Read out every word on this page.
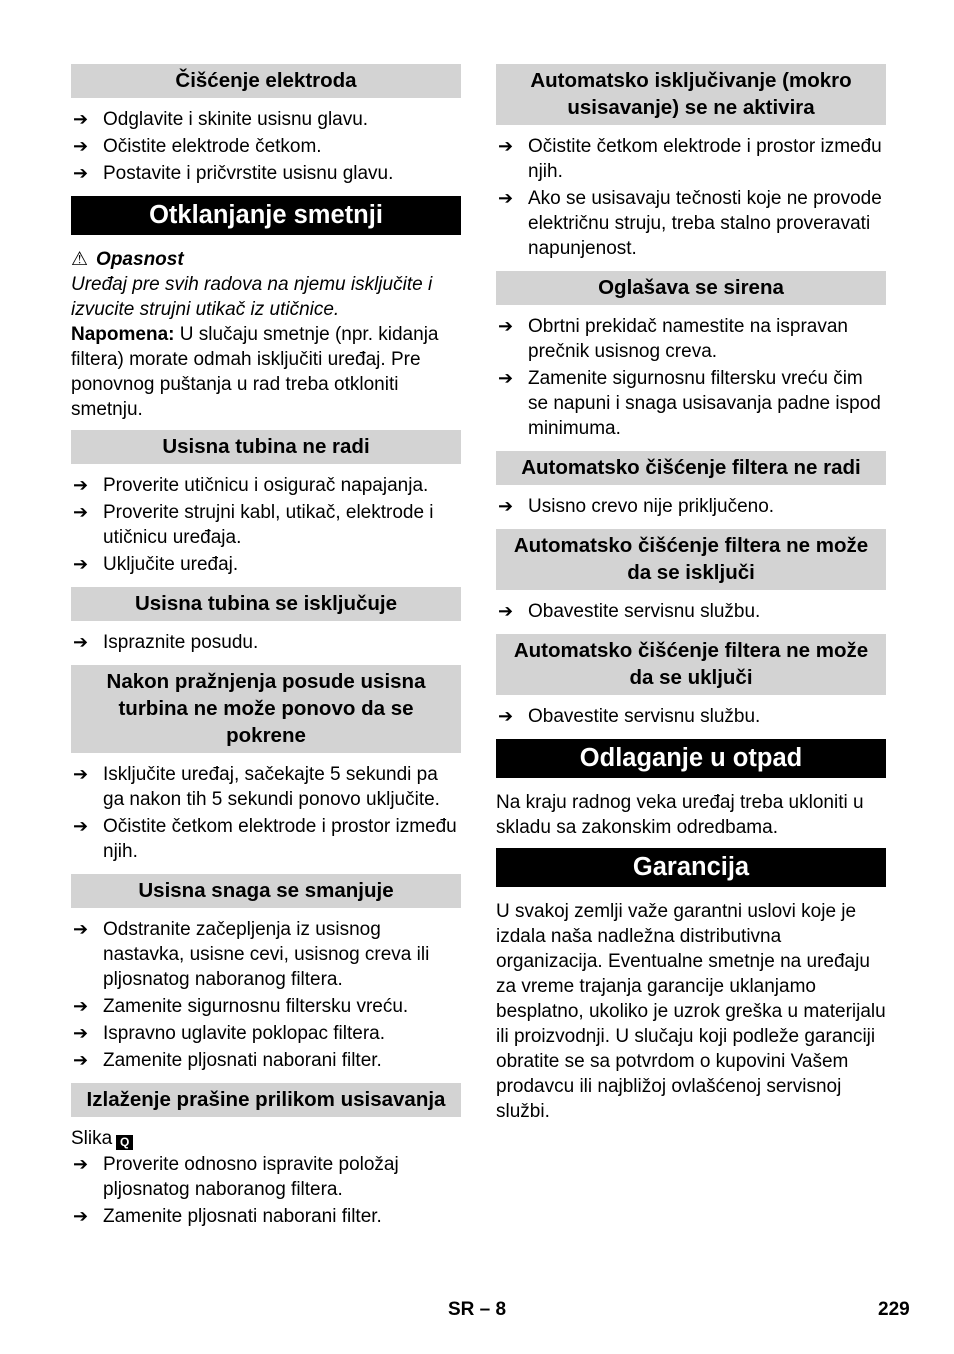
Čišćenje elektroda
➔ Odglavite i skinite usisnu glavu.
➔ Očistite elektrode četkom.
➔ Postavite i pričvrstite usisnu glavu.
Otklanjanje smetnji
⚠ Opasnost

Uređaj pre svih radova na njemu isključite i izvucite strujni utikač iz utičnice.

Napomena: U slučaju smetnje (npr. kidanja filtera) morate odmah isključiti uređaj. Pre ponovnog puštanja u rad treba otkloniti smetnju.

Usisna tubina ne radi
➔ Proverite utičnicu i osigurač napajanja.
➔ Proverite strujni kabl, utikač, elektrode i utičnicu uređaja.
➔ Uključite uređaj.
Usisna tubina se isključuje
➔ Ispraznite posudu.
Nakon pražnjenja posude usisna turbina ne može ponovo da se pokrene
➔ Isključite uređaj, sačekajte 5 sekundi pa ga nakon tih 5 sekundi ponovo uključite.
➔ Očistite četkom elektrode i prostor između njih.
Usisna snaga se smanjuje
➔ Odstranite začepljenja iz usisnog nastavka, usisne cevi, usisnog creva ili pljosnatog naboranog filtera.
➔ Zamenite sigurnosnu filtersku vreću.
➔ Ispravno uglavite poklopac filtera.
➔ Zamenite pljosnati naborani filter.
Izlaženje prašine prilikom usisavanja
Slika Q
➔ Proverite odnosno ispravite položaj pljosnatog naboranog filtera.
➔ Zamenite pljosnati naborani filter.
Automatsko isključivanje (mokro usisavanje) se ne aktivira
➔ Očistite četkom elektrode i prostor između njih.
➔ Ako se usisavaju tečnosti koje ne provode električnu struju, treba stalno proveravati napunjenost.
Oglašava se sirena
➔ Obrtni prekidač namestite na ispravan prečnik usisnog creva.
➔ Zamenite sigurnosnu filtersku vreću čim se napuni i snaga usisavanja padne ispod minimuma.
Automatsko čišćenje filtera ne radi
➔ Usisno crevo nije priključeno.
Automatsko čišćenje filtera ne može da se isključi
➔ Obavestite servisnu službu.
Automatsko čišćenje filtera ne može da se uključi
➔ Obavestite servisnu službu.
Odlaganje u otpad

Na kraju radnog veka uređaj treba ukloniti u skladu sa zakonskim odredbama.

Garancija

U svakoj zemlji važe garantni uslovi koje je izdala naša nadležna distributivna organizacija. Eventualne smetnje na uređaju za vreme trajanja garancije uklanjamo besplatno, ukoliko je uzrok greška u materijalu ili proizvodnji. U slučaju koji podleže garanciji obratite se sa potvrdom o kupovini Vašem prodavcu ili najbližoj ovlašćenoj servisnoj službi.

SR – 8	229
